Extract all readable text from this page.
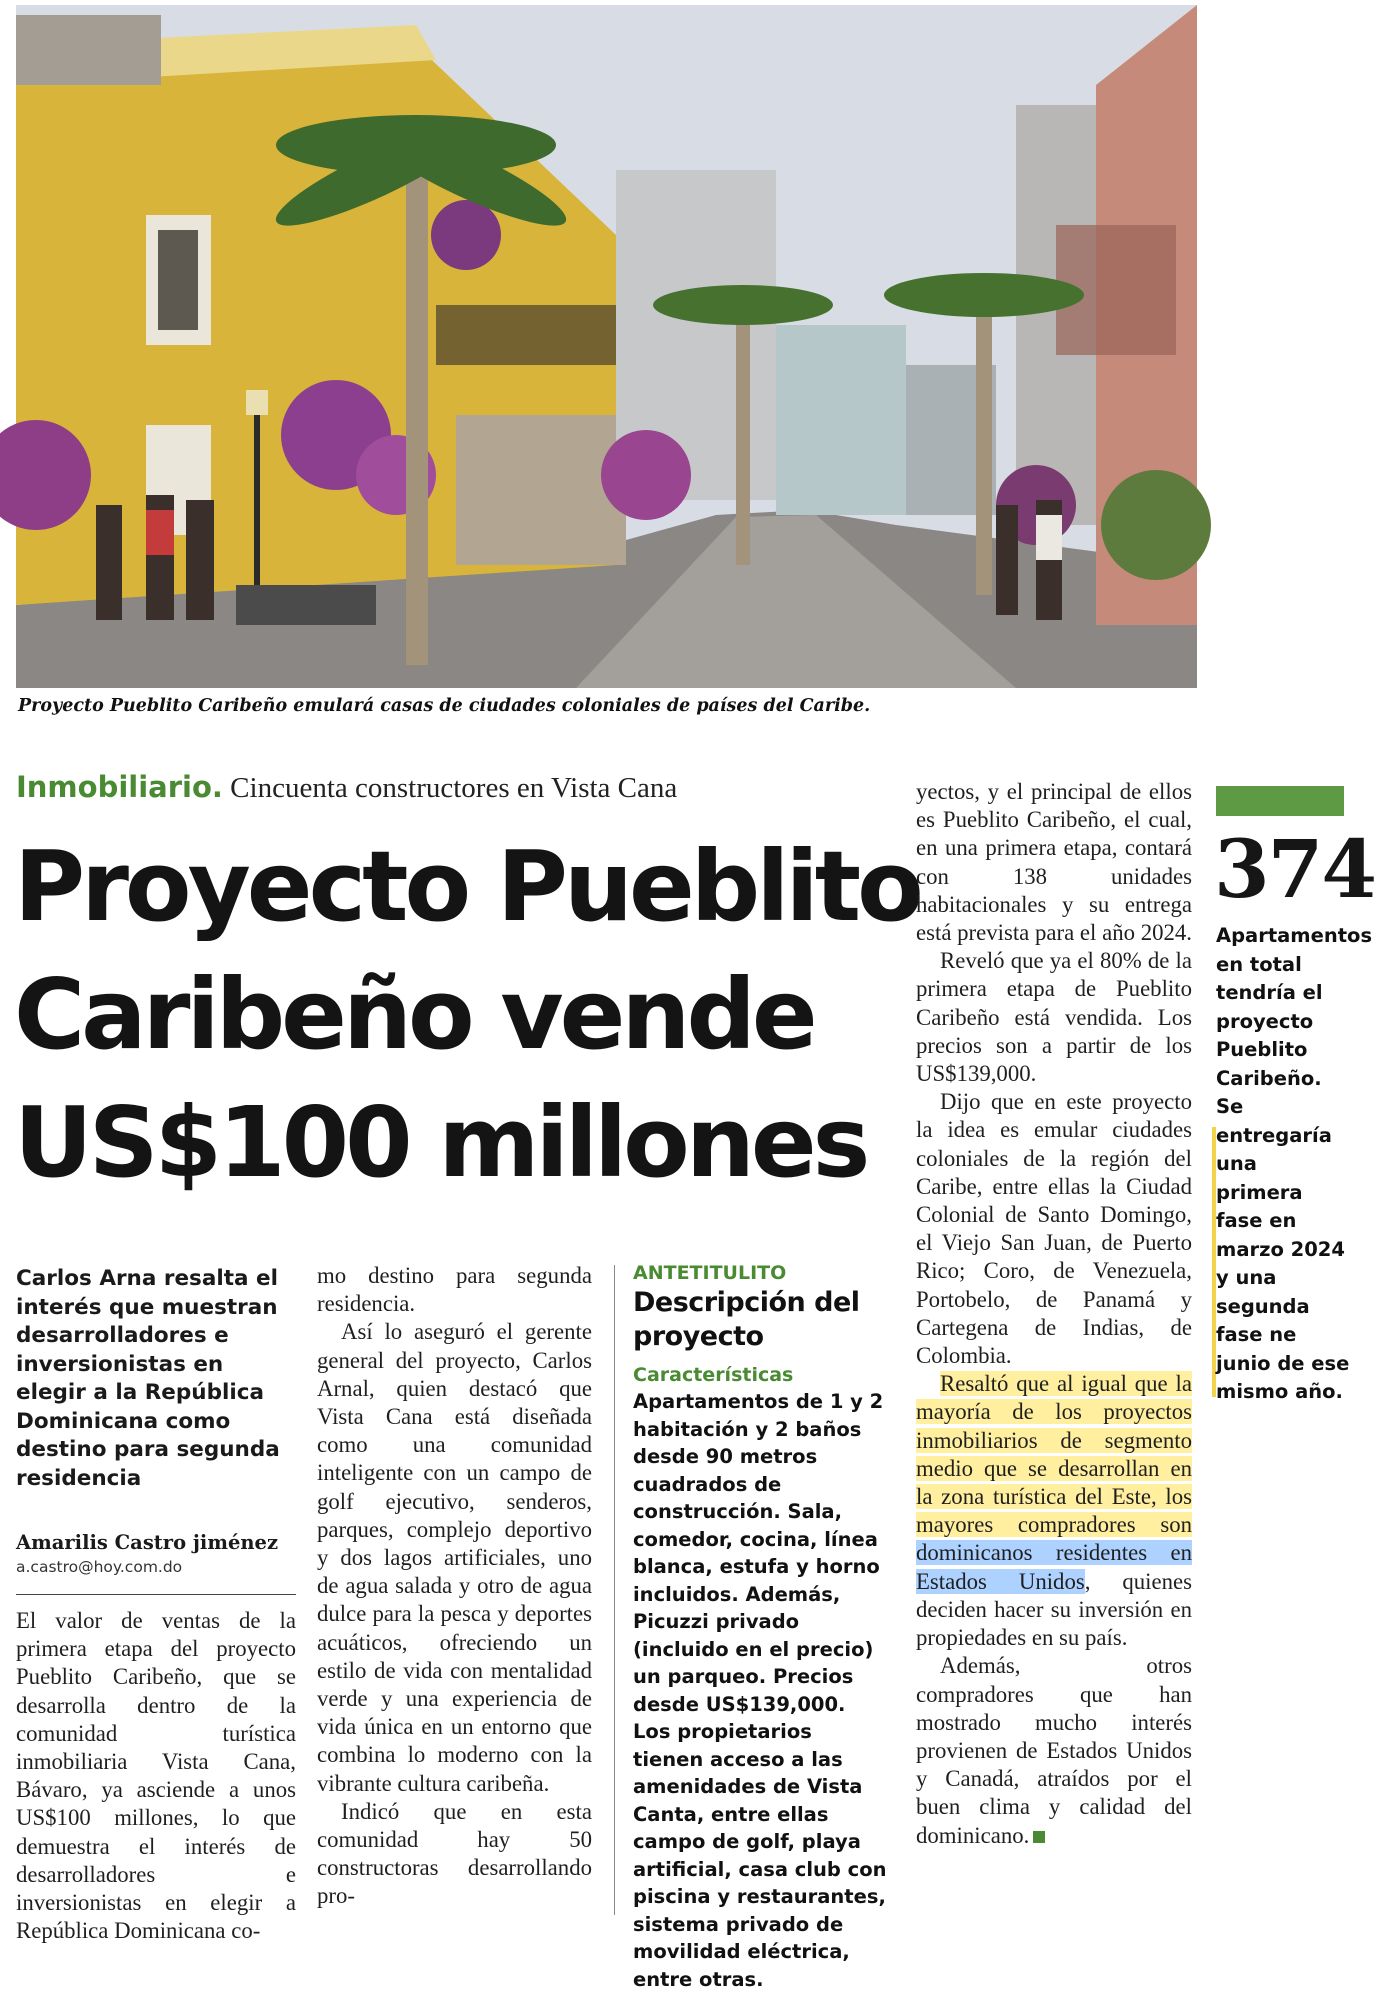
Proyecto Pueblito Caribeño emulará casas de ciudades coloniales de países del Caribe.
Inmobiliario. Cincuenta constructores en Vista Cana
Proyecto Pueblito
Caribeño vende
US$100 millones

Carlos Arna resalta el interés que muestran desarrolladores e inversionistas en elegir a la República Dominicana como destino para segunda residencia

Amarilis Castro jiménez

a.castro@hoy.com.do

El valor de ventas de la primera etapa del proyecto Pueblito Caribeño, que se desarrolla dentro de la comunidad turística inmobiliaria Vista Cana, Bávaro, ya asciende a unos US$100 millones, lo que demuestra el interés de desarrolladores e inversionistas en elegir a República Dominicana co-

mo destino para segunda residencia.

Así lo aseguró el gerente general del proyecto, Carlos Arnal, quien destacó que Vista Cana está diseñada como una comunidad inteligente con un campo de golf ejecutivo, senderos, parques, complejo deportivo y dos lagos artificiales, uno de agua salada y otro de agua dulce para la pesca y deportes acuáticos, ofreciendo un estilo de vida con mentalidad verde y una experiencia de vida única en un entorno que combina lo moderno con la vibrante cultura caribeña.

Indicó que en esta comunidad hay 50 constructoras desarrollando pro-

ANTETITULITO

Descripción del proyecto

Características

Apartamentos de 1 y 2 habitación y 2 baños desde 90 metros cuadrados de construcción. Sala, comedor, cocina, línea blanca, estufa y horno incluidos. Además, Picuzzi privado (incluido en el precio) un parqueo. Precios desde US$139,000. Los propietarios tienen acceso a las amenidades de Vista Canta, entre ellas campo de golf, playa artificial, casa club con piscina y restaurantes, sistema privado de movilidad eléctrica, entre otras.

yectos, y el principal de ellos es Pueblito Caribeño, el cual, en una primera etapa, contará con 138 unidades habitacionales y su entrega está prevista para el año 2024.

Reveló que ya el 80% de la primera etapa de Pueblito Caribeño está vendida. Los precios son a partir de los US$139,000.

Dijo que en este proyecto la idea es emular ciudades coloniales de la región del Caribe, entre ellas la Ciudad Colonial de Santo Domingo, el Viejo San Juan, de Puerto Rico; Coro, de Venezuela, Portobelo, de Panamá y Cartegena de Indias, de Colombia.

Resaltó que al igual que la mayoría de los proyectos inmobiliarios de segmento medio que se desarrollan en la zona turística del Este, los mayores compradores son dominicanos residentes en Estados Unidos, quienes deciden hacer su inversión en propiedades en su país.

Además, otros compradores que han mostrado mucho interés provienen de Estados Unidos y Canadá, atraídos por el buen clima y calidad del dominicano.

374
Apartamentos en total tendría el proyecto Pueblito Caribeño. Se entregaría una primera fase en marzo 2024 y una segunda fase ne junio de ese mismo año.
